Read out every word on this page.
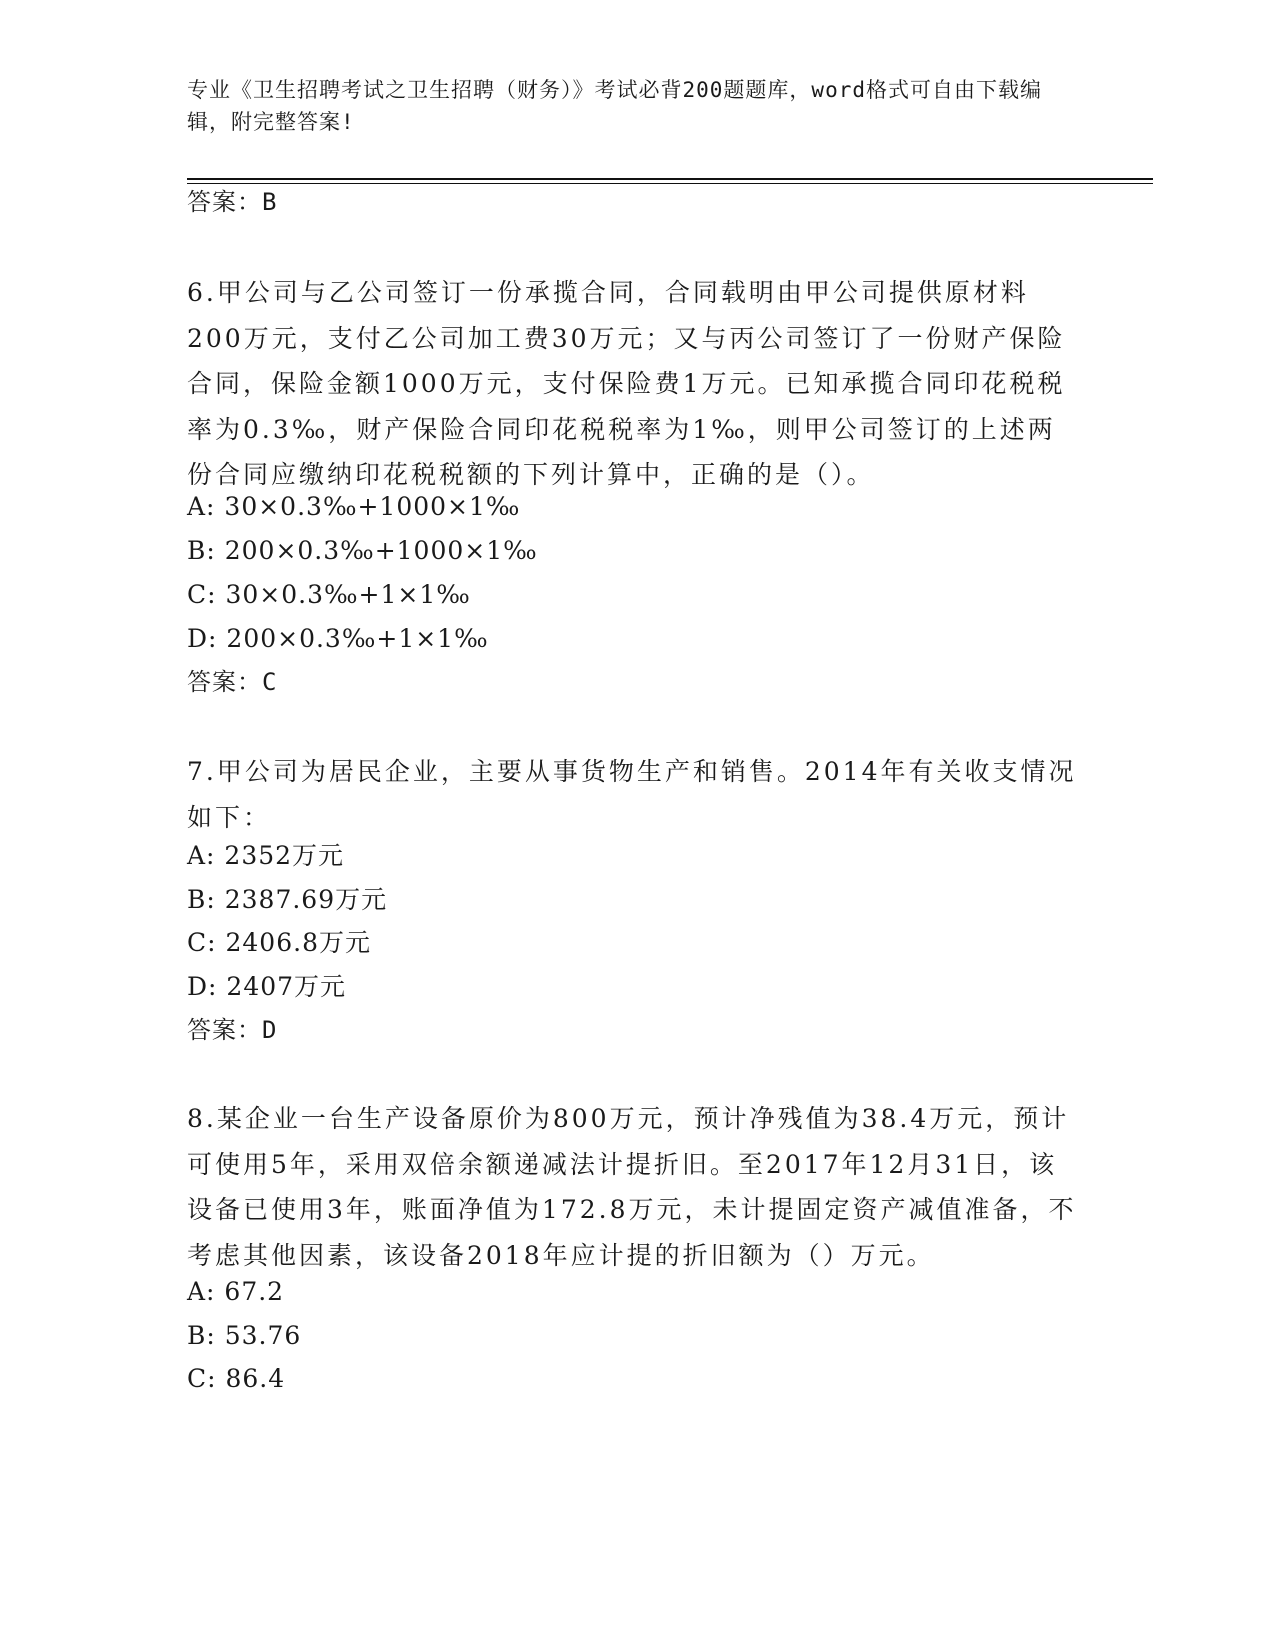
专业《卫生招聘考试之卫生招聘（财务）》考试必背200题题库，word格式可自由下载编辑，附完整答案!
答案：B
6.甲公司与乙公司签订一份承揽合同，合同载明由甲公司提供原材料200万元，支付乙公司加工费30万元；又与丙公司签订了一份财产保险合同，保险金额1000万元，支付保险费1万元。已知承揽合同印花税税率为0.3‰，财产保险合同印花税税率为1‰，则甲公司签订的上述两份合同应缴纳印花税税额的下列计算中，正确的是（）。
A: 30×0.3‰+1000×1‰
B: 200×0.3‰+1000×1‰
C: 30×0.3‰+1×1‰
D: 200×0.3‰+1×1‰
答案：C
7.甲公司为居民企业，主要从事货物生产和销售。2014年有关收支情况如下：
A: 2352万元
B: 2387.69万元
C: 2406.8万元
D: 2407万元
答案：D
8.某企业一台生产设备原价为800万元，预计净残值为38.4万元，预计可使用5年，采用双倍余额递减法计提折旧。至2017年12月31日，该设备已使用3年，账面净值为172.8万元，未计提固定资产减值准备，不考虑其他因素，该设备2018年应计提的折旧额为（）万元。
A: 67.2
B: 53.76
C: 86.4
